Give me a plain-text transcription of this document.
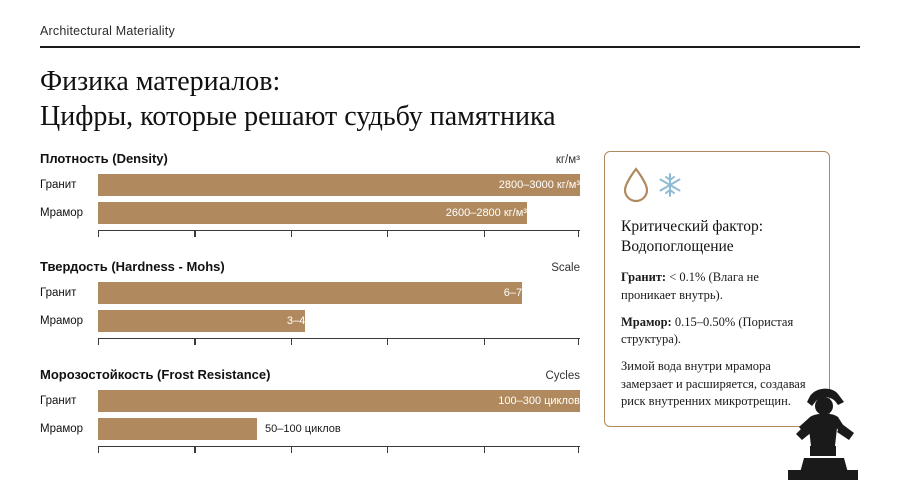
Architectural Materiality
Физика материалов:
Цифры, которые решают судьбу памятника
Плотность (Density)	кг/м³
Гранит	2800–3000 кг/м³
Мрамор	2600–2800 кг/м³
Твердость (Hardness - Mohs)	Scale
Гранит	6–7
Мрамор	3–4
Морозостойкость (Frost Resistance)	Cycles
Гранит	100–300 циклов
Мрамор	50–100 циклов
Критический фактор:
Водопоглощение

Гранит: < 0.1% (Влага не проникает внутрь).

Мрамор: 0.15–0.50% (Пористая структура).

Зимой вода внутри мрамора замерзает и расширяется, создавая риск внутренних микротрещин.
